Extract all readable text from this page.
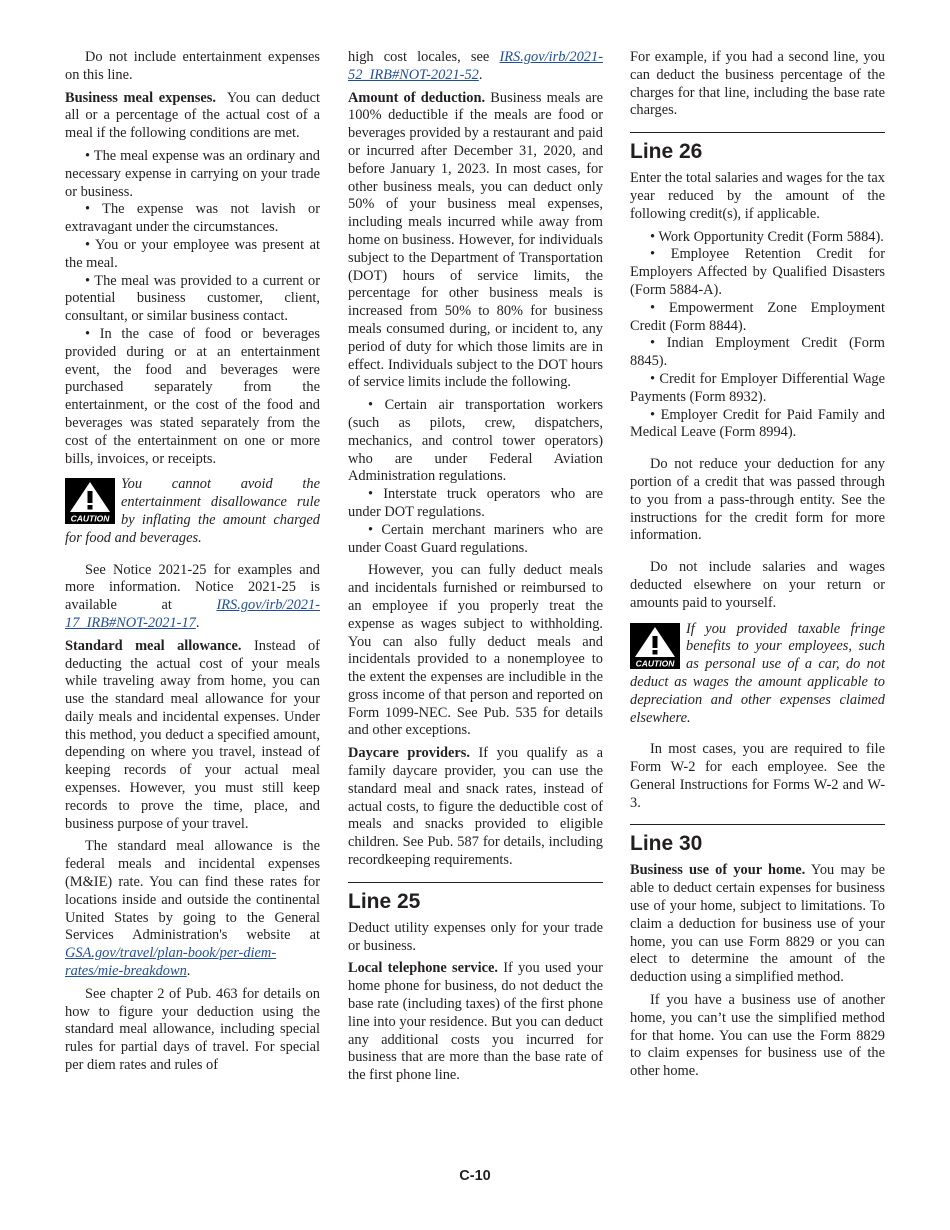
Do not include entertainment expenses on this line.

Business meal expenses. You can deduct all or a percentage of the actual cost of a meal if the following conditions are met.

• The meal expense was an ordinary and necessary expense in carrying on your trade or business.

• The expense was not lavish or extravagant under the circumstances.

• You or your employee was present at the meal.

• The meal was provided to a current or potential business customer, client, consultant, or similar business contact.

• In the case of food or beverages provided during or at an entertainment event, the food and beverages were purchased separately from the entertainment, or the cost of the food and beverages was stated separately from the cost of the entertainment on one or more bills, invoices, or receipts.

CAUTION
You cannot avoid the entertainment disallowance rule by inflating the amount charged for food and beverages.

See Notice 2021-25 for examples and more information. Notice 2021-25 is available at	IRS.gov/irb/2021-17_IRB#NOT-2021-17.

Standard meal allowance. Instead of deducting the actual cost of your meals while traveling away from home, you can use the standard meal allowance for your daily meals and incidental expenses. Under this method, you deduct a specified amount, depending on where you travel, instead of keeping records of your actual meal expenses. However, you must still keep records to prove the time, place, and business purpose of your travel.

The standard meal allowance is the federal meals and incidental expenses (M&IE) rate. You can find these rates for locations inside and outside the continental United States by going to the General Services Administration's website at GSA.gov/travel/plan-book/per-diem-rates/mie-breakdown.

See chapter 2 of Pub. 463 for details on how to figure your deduction using the standard meal allowance, including special rules for partial days of travel. For special per diem rates and rules of

high cost locales, see IRS.gov/irb/2021-52_IRB#NOT-2021-52.

Amount of deduction. Business meals are 100% deductible if the meals are food or beverages provided by a restaurant and paid or incurred after December 31, 2020, and before January 1, 2023. In most cases, for other business meals, you can deduct only 50% of your business meal expenses, including meals incurred while away from home on business. However, for individuals subject to the Department of Transportation (DOT) hours of service limits, the percentage for other business meals is increased from 50% to 80% for business meals consumed during, or incident to, any period of duty for which those limits are in effect. Individuals subject to the DOT hours of service limits include the following.

• Certain air transportation workers (such as pilots, crew, dispatchers, mechanics, and control tower operators) who are under Federal Aviation Administration regulations.

• Interstate truck operators who are under DOT regulations.

• Certain merchant mariners who are under Coast Guard regulations.

However, you can fully deduct meals and incidentals furnished or reimbursed to an employee if you properly treat the expense as wages subject to withholding. You can also fully deduct meals and incidentals provided to a nonemployee to the extent the expenses are includible in the gross income of that person and reported on Form 1099-NEC. See Pub. 535 for details and other exceptions.

Daycare providers. If you qualify as a family daycare provider, you can use the standard meal and snack rates, instead of actual costs, to figure the deductible cost of meals and snacks provided to eligible children. See Pub. 587 for details, including recordkeeping requirements.

Line 25

Deduct utility expenses only for your trade or business.

Local telephone service. If you used your home phone for business, do not deduct the base rate (including taxes) of the first phone line into your residence. But you can deduct any additional costs you incurred for business that are more than the base rate of the first phone line.

For example, if you had a second line, you can deduct the business percentage of the charges for that line, including the base rate charges.

Line 26

Enter the total salaries and wages for the tax year reduced by the amount of the following credit(s), if applicable.

• Work Opportunity Credit (Form 5884).

• Employee Retention Credit for Employers Affected by Qualified Disasters (Form 5884-A).

• Empowerment Zone Employment Credit (Form 8844).

• Indian Employment Credit (Form 8845).

• Credit for Employer Differential Wage Payments (Form 8932).

• Employer Credit for Paid Family and Medical Leave (Form 8994).

Do not reduce your deduction for any portion of a credit that was passed through to you from a pass-through entity. See the instructions for the credit form for more information.

Do not include salaries and wages deducted elsewhere on your return or amounts paid to yourself.

CAUTION
If you provided taxable fringe benefits to your employees, such as personal use of a car, do not deduct as wages the amount applicable to depreciation and other expenses claimed elsewhere.

In most cases, you are required to file Form W-2 for each employee. See the General Instructions for Forms W-2 and W-3.

Line 30

Business use of your home. You may be able to deduct certain expenses for business use of your home, subject to limitations. To claim a deduction for business use of your home, you can use Form 8829 or you can elect to determine the amount of the deduction using a simplified method.

If you have a business use of another home, you can’t use the simplified method for that home. You can use the Form 8829 to claim expenses for business use of the other home.

C-10
